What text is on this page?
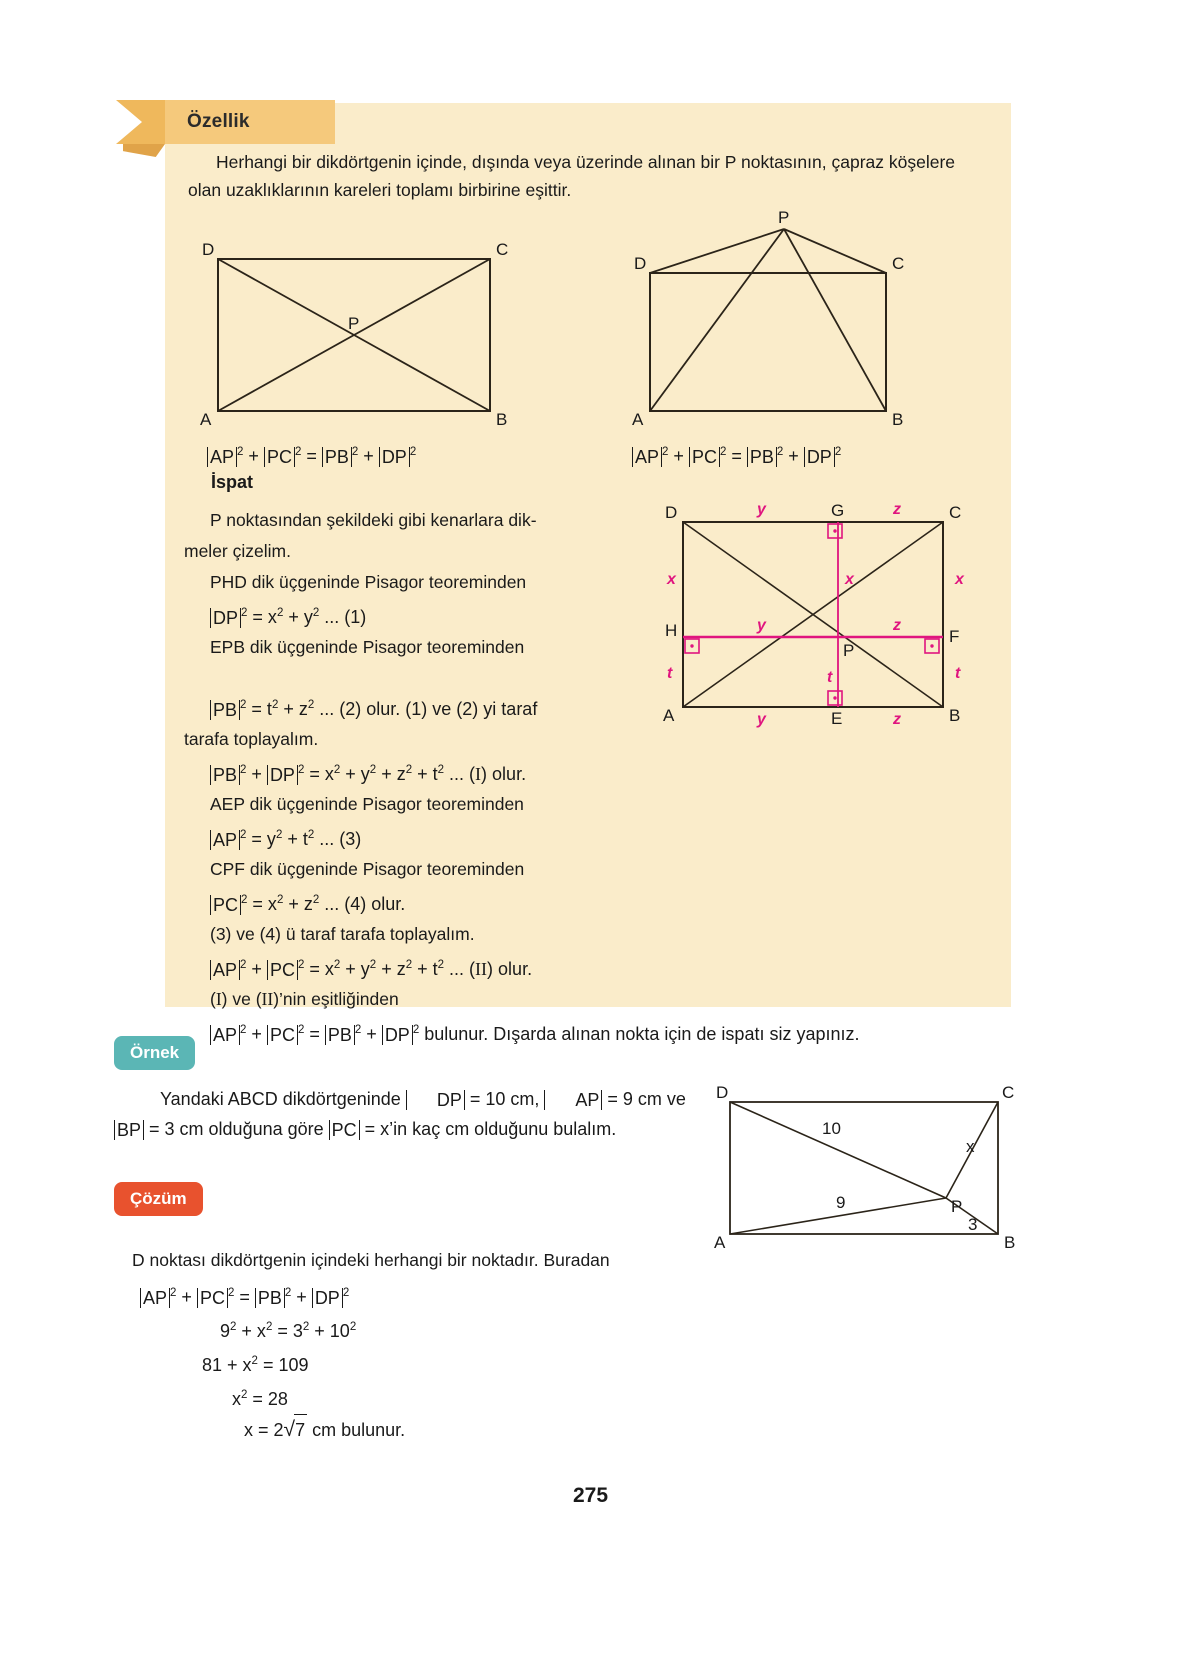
Özellik
Herhangi bir dikdörtgenin içinde, dışında veya üzerinde alınan bir P noktasının, çapraz köşelere olan uzaklıklarının kareleri toplamı birbirine eşittir.
D	C
A	B
P
P
D	C
A	B
AP $^2$ + PC $^2$ = PB $^2$ + DP $^2$	AP $^2$ + PC $^2$ = PB $^2$ + DP $^2$
İspat
P noktasından şekildeki gibi kenarlara dik-
meler çizelim.
PHD dik üçgeninde Pisagor teoreminden
DP $^2 = x^2 + y^2$ ... (1)
EPB dik üçgeninde Pisagor teoreminden
D	C
A	B
G
E
H	F
P
y	z
y	z
x
t
x
t
y	z
x
t
PB $^2 = t^2 + z^2$ ... (2) olur. (1) ve (2) yi taraf
tarafa toplayalım.
PB $^2$ + DP $^2 = x^2 + y^2 + z^2 + t^2$ ... (I) olur.
AEP dik üçgeninde Pisagor teoreminden
AP $^2 = y^2 + t^2$ ... (3)
CPF dik üçgeninde Pisagor teoreminden
PC $^2 = x^2 + z^2$ ... (4) olur.
(3) ve (4) ü taraf tarafa toplayalım.
AP $^2$ + PC $^2 = x^2 + y^2 + z^2 + t^2$ ... (II) olur.
(I) ve (II)’nin eşitliğinden
AP $^2$ + PC $^2$ = PB $^2$ + DP $^2$ bulunur. Dışarda alınan nokta için de ispatı siz yapınız.
Örnek
Yandaki ABCD dikdörtgeninde DP = 10 cm, AP = 9 cm ve
BP = 3 cm olduğuna göre PC = x’in kaç cm olduğunu bulalım.
D	C
A	B
P
10
9
x
3
Çözüm
D noktası dikdörtgenin içindeki herhangi bir noktadır. Buradan
AP $^2$ + PC $^2$ = PB $^2$ + DP $^2$
$9^2 + x^2 = 3^2 + 10^2$
$81 + x^2 = 109$
$x^2 = 28$
x = 2√7 cm bulunur.
275
